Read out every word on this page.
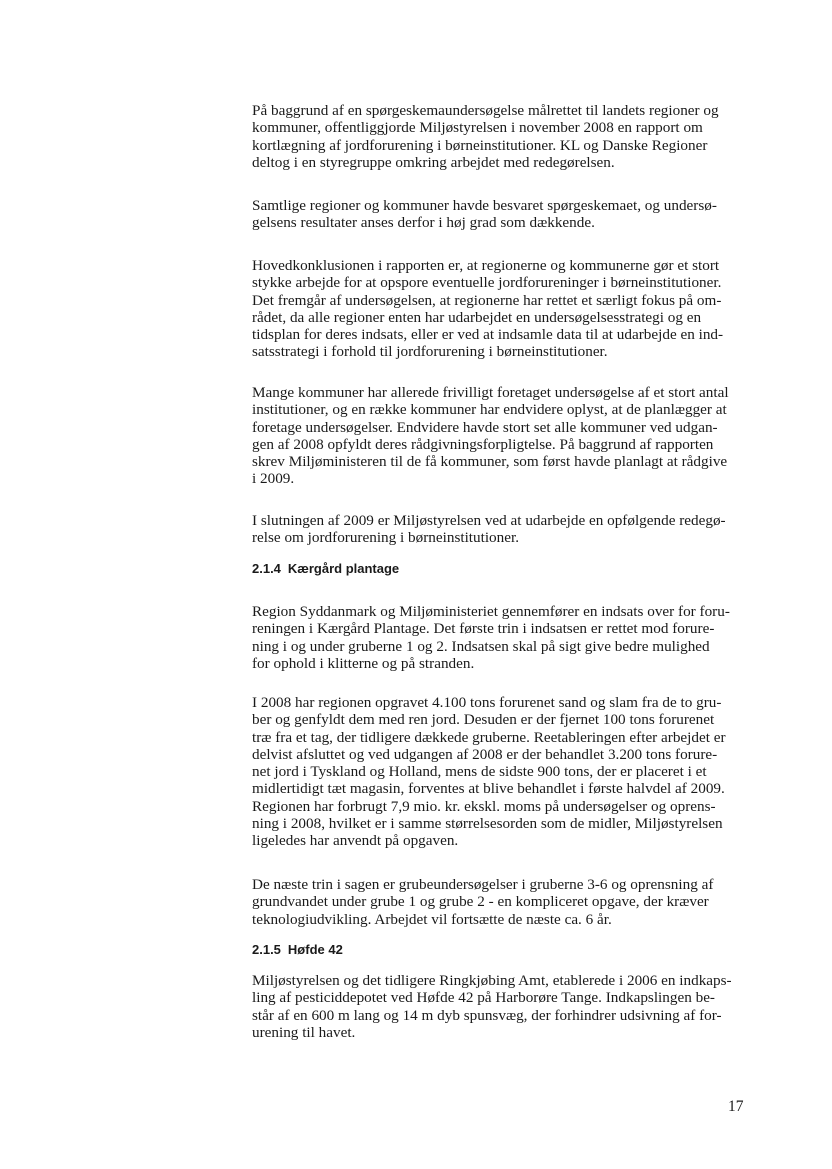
På baggrund af en spørgeskemaundersøgelse målrettet til landets regioner og

kommuner, offentliggjorde Miljøstyrelsen i november 2008 en rapport om

kortlægning af jordforurening i børneinstitutioner. KL og Danske Regioner

deltog i en styregruppe omkring arbejdet med redegørelsen.

Samtlige regioner og kommuner havde besvaret spørgeskemaet, og undersø-

gelsens resultater anses derfor i høj grad som dækkende.

Hovedkonklusionen i rapporten er, at regionerne og kommunerne gør et stort

stykke arbejde for at opspore eventuelle jordforureninger i børneinstitutioner.

Det fremgår af undersøgelsen, at regionerne har rettet et særligt fokus på om-

rådet, da alle regioner enten har udarbejdet en undersøgelsesstrategi og en

tidsplan for deres indsats, eller er ved at indsamle data til at udarbejde en ind-

satsstrategi i forhold til jordforurening i børneinstitutioner.

Mange kommuner har allerede frivilligt foretaget undersøgelse af et stort antal

institutioner, og en række kommuner har endvidere oplyst, at de planlægger at

foretage undersøgelser. Endvidere havde stort set alle kommuner ved udgan-

gen af 2008 opfyldt deres rådgivningsforpligtelse. På baggrund af rapporten

skrev Miljøministeren til de få kommuner, som først havde planlagt at rådgive

i 2009.

I slutningen af 2009 er Miljøstyrelsen ved at udarbejde en opfølgende redegø-

relse om jordforurening i børneinstitutioner.

2.1.4 Kærgård plantage

Region Syddanmark og Miljøministeriet gennemfører en indsats over for foru-

reningen i Kærgård Plantage. Det første trin i indsatsen er rettet mod forure-

ning i og under gruberne 1 og 2. Indsatsen skal på sigt give bedre mulighed

for ophold i klitterne og på stranden.

I 2008 har regionen opgravet 4.100 tons forurenet sand og slam fra de to gru-

ber og genfyldt dem med ren jord. Desuden er der fjernet 100 tons forurenet

træ fra et tag, der tidligere dækkede gruberne. Reetableringen efter arbejdet er

delvist afsluttet og ved udgangen af 2008 er der behandlet 3.200 tons forure-

net jord i Tyskland og Holland, mens de sidste 900 tons, der er placeret i et

midlertidigt tæt magasin, forventes at blive behandlet i første halvdel af 2009.

Regionen har forbrugt 7,9 mio. kr. ekskl. moms på undersøgelser og oprens-

ning i 2008, hvilket er i samme størrelsesorden som de midler, Miljøstyrelsen

ligeledes har anvendt på opgaven.

De næste trin i sagen er grubeundersøgelser i gruberne 3-6 og oprensning af

grundvandet under grube 1 og grube 2 - en kompliceret opgave, der kræver

teknologiudvikling. Arbejdet vil fortsætte de næste ca. 6 år.

2.1.5 Høfde 42

Miljøstyrelsen og det tidligere Ringkjøbing Amt, etablerede i 2006 en indkaps-

ling af pesticiddepotet ved Høfde 42 på Harborøre Tange. Indkapslingen be-

står af en 600 m lang og 14 m dyb spunsvæg, der forhindrer udsivning af for-

urening til havet.

17
